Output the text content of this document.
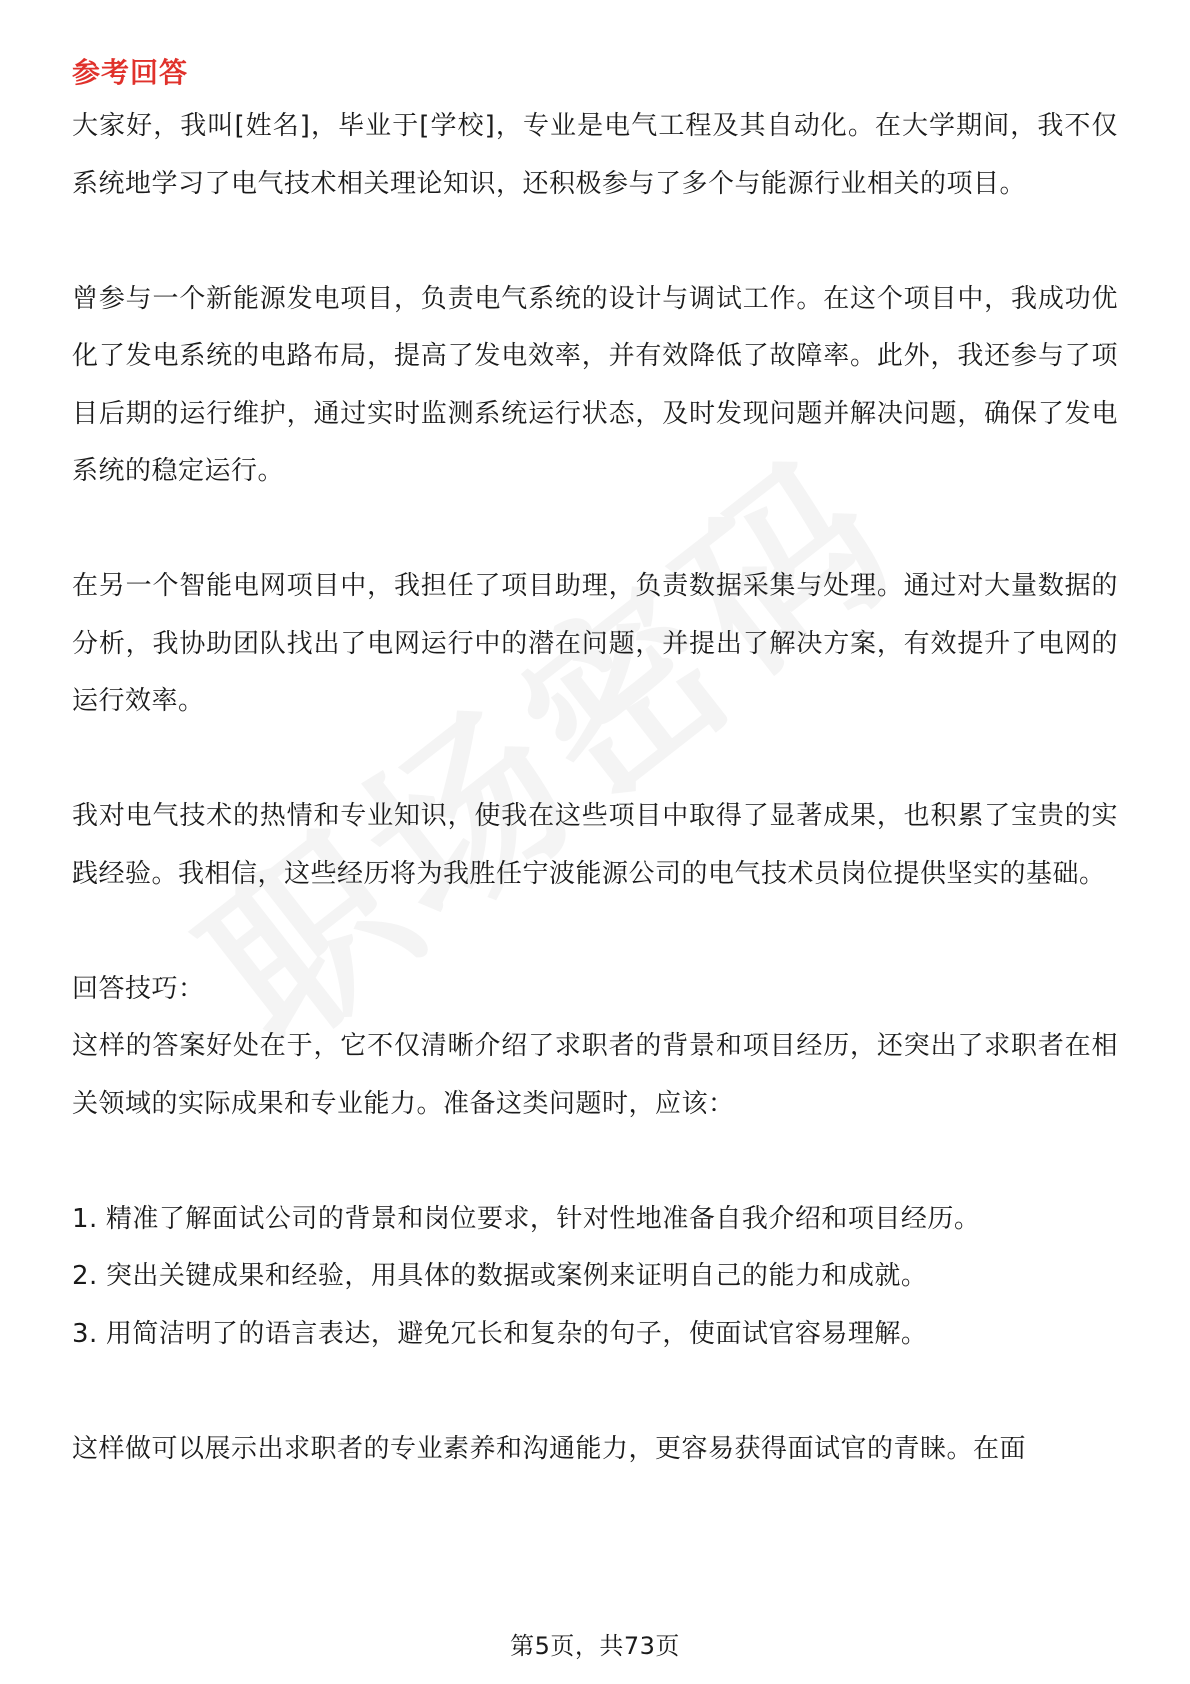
参考回答

大家好，我叫[姓名]，毕业于[学校]，专业是电气工程及其自动化。在大学期间，我不仅系统地学习了电气技术相关理论知识，还积极参与了多个与能源行业相关的项目。

曾参与一个新能源发电项目，负责电气系统的设计与调试工作。在这个项目中，我成功优化了发电系统的电路布局，提高了发电效率，并有效降低了故障率。此外，我还参与了项目后期的运行维护，通过实时监测系统运行状态，及时发现问题并解决问题，确保了发电系统的稳定运行。

在另一个智能电网项目中，我担任了项目助理，负责数据采集与处理。通过对大量数据的分析，我协助团队找出了电网运行中的潜在问题，并提出了解决方案，有效提升了电网的运行效率。

我对电气技术的热情和专业知识，使我在这些项目中取得了显著成果，也积累了宝贵的实践经验。我相信，这些经历将为我胜任宁波能源公司的电气技术员岗位提供坚实的基础。

回答技巧：

这样的答案好处在于，它不仅清晰介绍了求职者的背景和项目经历，还突出了求职者在相关领域的实际成果和专业能力。准备这类问题时，应该：

1. 精准了解面试公司的背景和岗位要求，针对性地准备自我介绍和项目经历。

2. 突出关键成果和经验，用具体的数据或案例来证明自己的能力和成就。

3. 用简洁明了的语言表达，避免冗长和复杂的句子，使面试官容易理解。

这样做可以展示出求职者的专业素养和沟通能力，更容易获得面试官的青睐。在面

第5页，共73页
